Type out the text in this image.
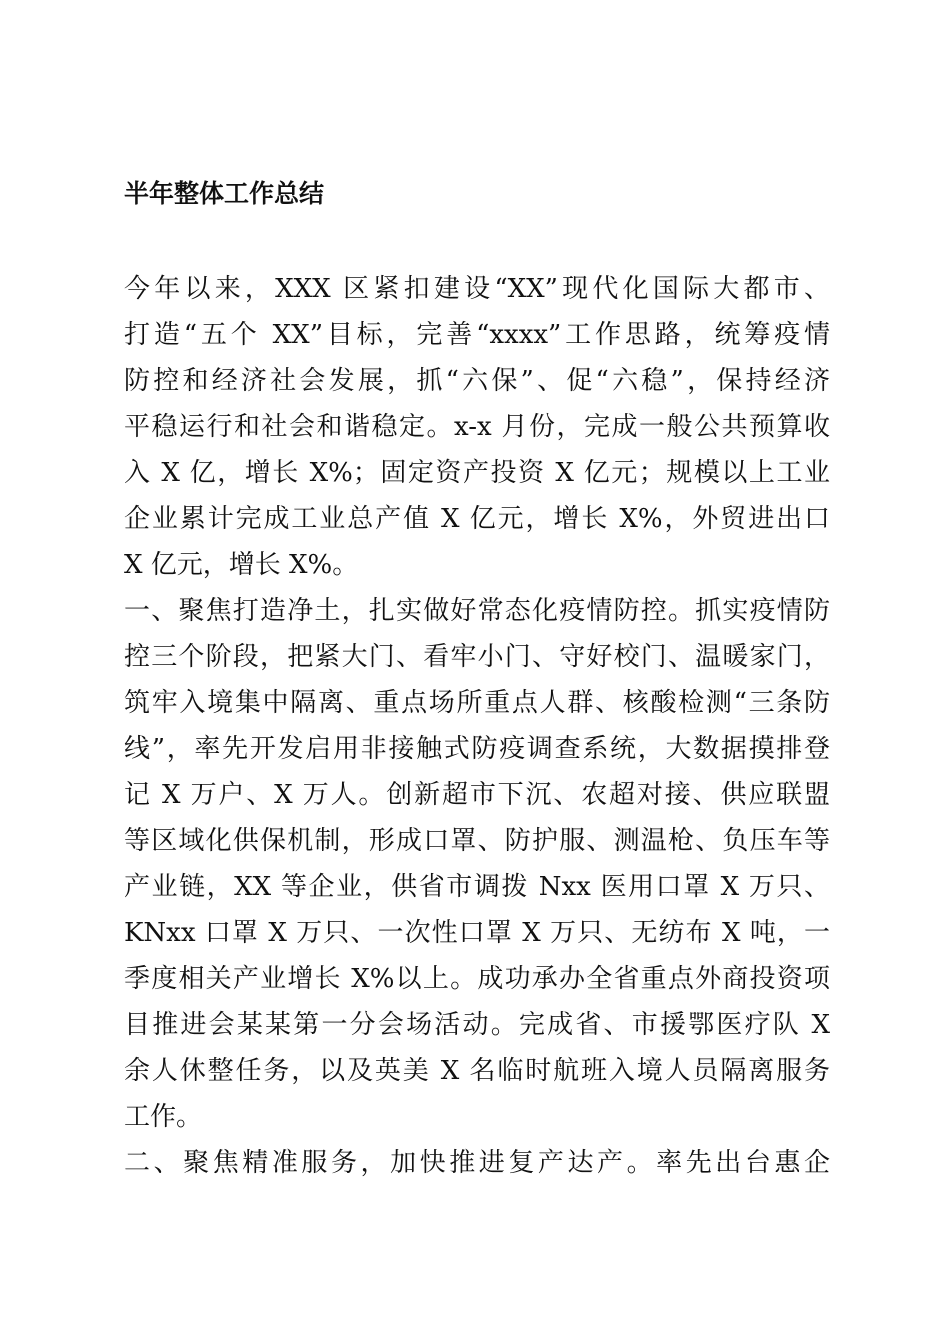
半年整体工作总结
今年以来，XXX 区紧扣建设“XX”现代化国际大都市、
打造“五个 XX”目标，完善“xxxx”工作思路，统筹疫情
防控和经济社会发展，抓“六保”、促“六稳”，保持经济
平稳运行和社会和谐稳定。x-x 月份，完成一般公共预算收
入 X 亿，增长 X%；固定资产投资 X 亿元；规模以上工业
企业累计完成工业总产值 X 亿元，增长 X%，外贸进出口
X 亿元，增长 X%。
一、聚焦打造净土，扎实做好常态化疫情防控。抓实疫情防
控三个阶段，把紧大门、看牢小门、守好校门、温暖家门，
筑牢入境集中隔离、重点场所重点人群、核酸检测“三条防
线”，率先开发启用非接触式防疫调查系统，大数据摸排登
记 X 万户、X 万人。创新超市下沉、农超对接、供应联盟
等区域化供保机制，形成口罩、防护服、测温枪、负压车等
产业链，XX 等企业，供省市调拨 Nxx 医用口罩 X 万只、
KNxx 口罩 X 万只、一次性口罩 X 万只、无纺布 X 吨，一
季度相关产业增长 X%以上。成功承办全省重点外商投资项
目推进会某某第一分会场活动。完成省、市援鄂医疗队 X
余人休整任务，以及英美 X 名临时航班入境人员隔离服务
工作。
二、聚焦精准服务，加快推进复产达产。率先出台惠企
